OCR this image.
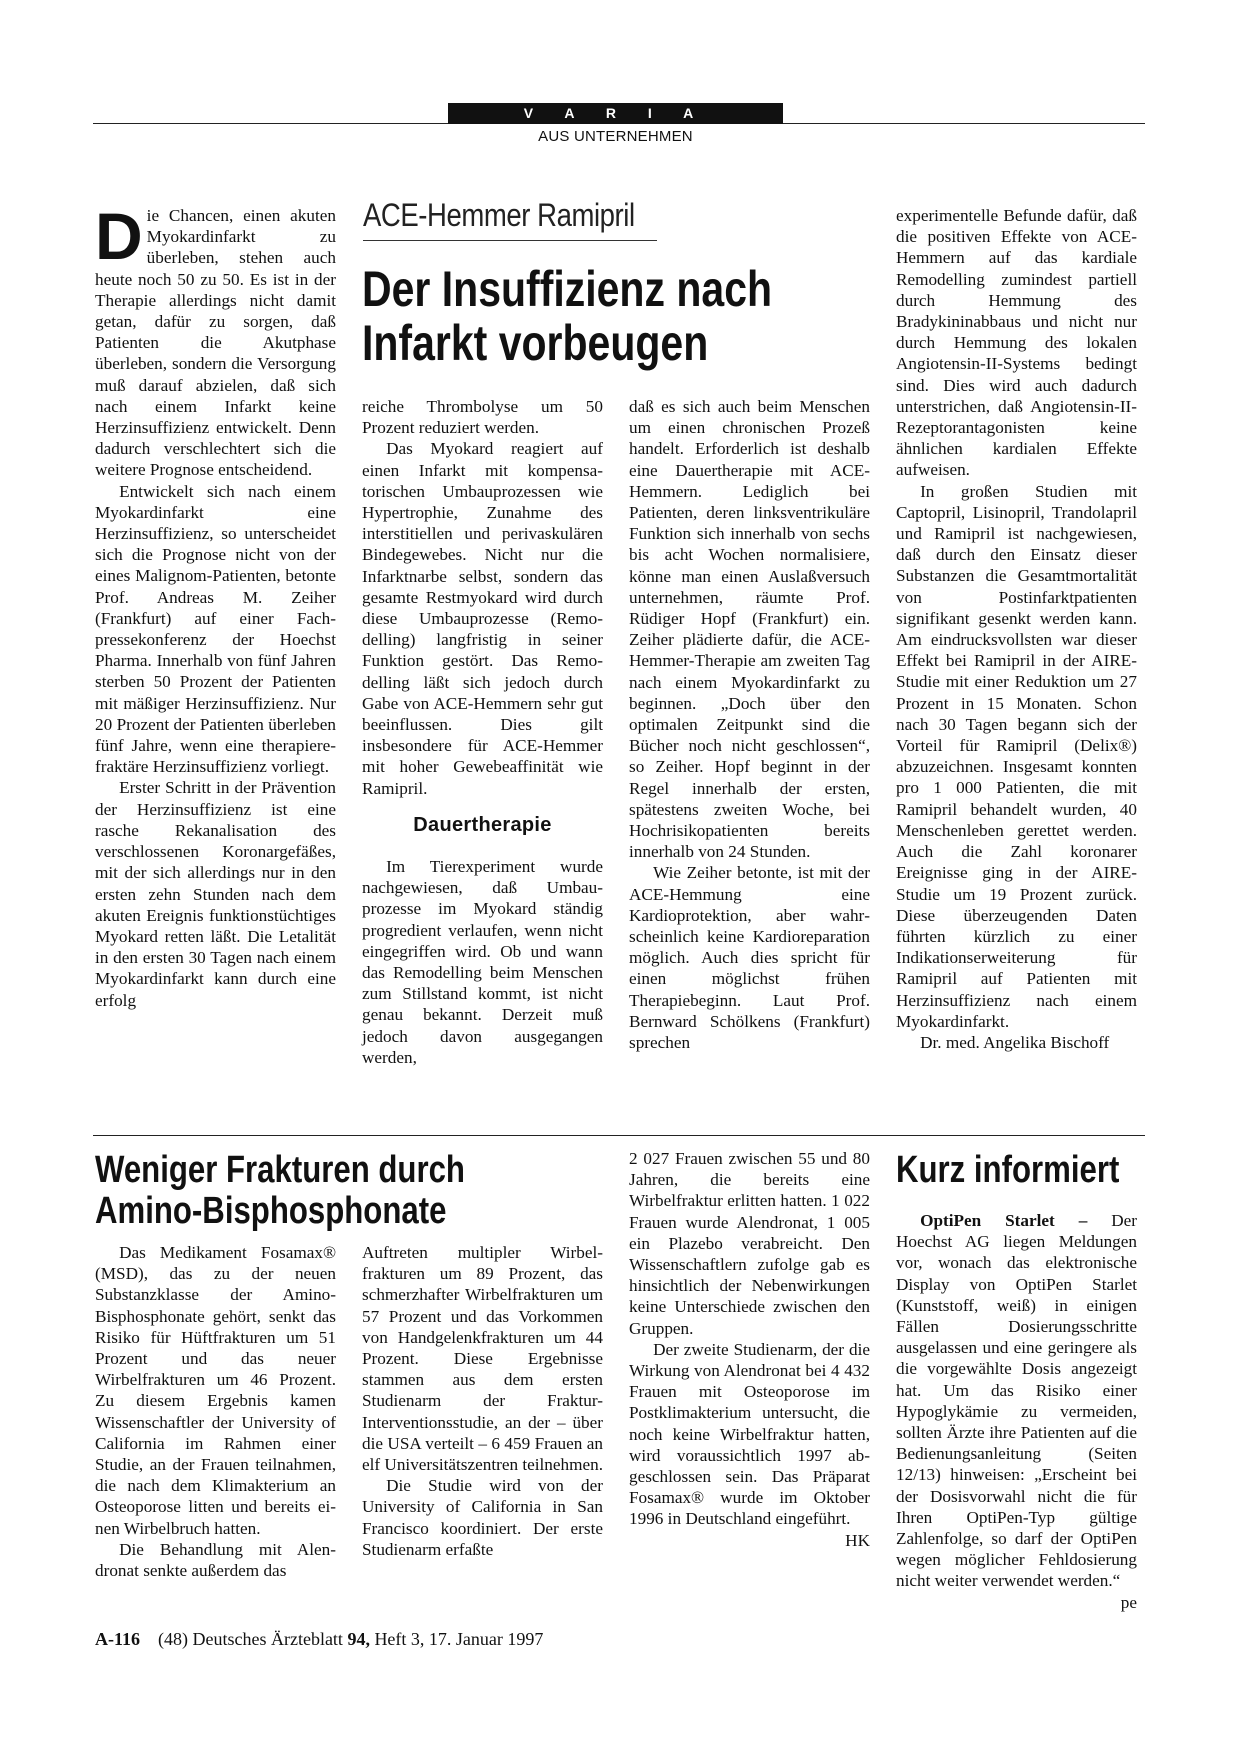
V A R I A
AUS UNTERNEHMEN
ACE-Hemmer Ramipril
Der Insuffizienz nach
Infarkt vorbeugen

Die Chancen, einen akuten Myokardinfarkt zu überleben, stehen auch heute noch 50 zu 50. Es ist in der Therapie allerdings nicht damit getan, dafür zu sorgen, daß Patienten die Akutphase überleben, sondern die Versorgung muß darauf abzielen, daß sich nach einem Infarkt keine Herzinsuffizienz entwickelt. Denn dadurch verschlechtert sich die weitere Prognose entscheidend.

Entwickelt sich nach einem Myokardinfarkt eine Herzinsuffizienz, so unterscheidet sich die Prognose nicht von der eines Malignom-Patienten, betonte Prof. Andreas M. Zeiher (Frankfurt) auf einer Fachpressekonferenz der Hoechst Pharma. Innerhalb von fünf Jahren sterben 50 Prozent der Patienten mit mäßiger Herzinsuffizienz. Nur 20 Prozent der Patienten überleben fünf Jahre, wenn eine therapierefraktäre Herzinsuffizienz vorliegt.

Erster Schritt in der Prävention der Herzinsuffizienz ist eine rasche Rekanalisation des verschlossenen Koronargefäßes, mit der sich allerdings nur in den ersten zehn Stunden nach dem akuten Ereignis funktionstüchtiges Myokard retten läßt. Die Letalität in den ersten 30 Tagen nach einem Myokardinfarkt kann durch eine erfolg

reiche Thrombolyse um 50 Prozent reduziert werden.

Das Myokard reagiert auf einen Infarkt mit kompensatorischen Umbauprozessen wie Hypertrophie, Zunahme des interstitiellen und perivaskulären Bindegewebes. Nicht nur die Infarktnarbe selbst, sondern das gesamte Restmyokard wird durch diese Umbauprozesse (Remodelling) langfristig in seiner Funktion gestört. Das Remodelling läßt sich jedoch durch Gabe von ACE-Hemmern sehr gut beeinflussen. Dies gilt insbesondere für ACE-Hemmer mit hoher Gewebeaffinität wie Ramipril.

Dauertherapie

Im Tierexperiment wurde nachgewiesen, daß Umbauprozesse im Myokard ständig progredient verlaufen, wenn nicht eingegriffen wird. Ob und wann das Remodelling beim Menschen zum Stillstand kommt, ist nicht genau bekannt. Derzeit muß jedoch davon ausgegangen werden,

daß es sich auch beim Menschen um einen chronischen Prozeß handelt. Erforderlich ist deshalb eine Dauertherapie mit ACE-Hemmern. Lediglich bei Patienten, deren linksventrikuläre Funktion sich innerhalb von sechs bis acht Wochen normalisiere, könne man einen Auslaßversuch unternehmen, räumte Prof. Rüdiger Hopf (Frankfurt) ein. Zeiher plädierte dafür, die ACE-Hemmer-Therapie am zweiten Tag nach einem Myokardinfarkt zu beginnen. „Doch über den optimalen Zeitpunkt sind die Bücher noch nicht geschlossen“, so Zeiher. Hopf beginnt in der Regel innerhalb der ersten, spätestens zweiten Woche, bei Hochrisikopatienten bereits innerhalb von 24 Stunden.

Wie Zeiher betonte, ist mit der ACE-Hemmung eine Kardioprotektion, aber wahrscheinlich keine Kardioreparation möglich. Auch dies spricht für einen möglichst frühen Therapiebeginn. Laut Prof. Bernward Schölkens (Frankfurt) sprechen

experimentelle Befunde dafür, daß die positiven Effekte von ACE-Hemmern auf das kardiale Remodelling zumindest partiell durch Hemmung des Bradykininabbaus und nicht nur durch Hemmung des lokalen Angiotensin-II-Systems bedingt sind. Dies wird auch dadurch unterstrichen, daß Angiotensin-II-Rezeptorantagonisten keine ähnlichen kardialen Effekte aufweisen.

In großen Studien mit Captopril, Lisinopril, Trandolapril und Ramipril ist nachgewiesen, daß durch den Einsatz dieser Substanzen die Gesamtmortalität von Postinfarktpatienten signifikant gesenkt werden kann. Am eindrucksvollsten war dieser Effekt bei Ramipril in der AIRE-Studie mit einer Reduktion um 27 Prozent in 15 Monaten. Schon nach 30 Tagen begann sich der Vorteil für Ramipril (Delix®) abzuzeichnen. Insgesamt konnten pro 1 000 Patienten, die mit Ramipril behandelt wurden, 40 Menschenleben gerettet werden. Auch die Zahl koronarer Ereignisse ging in der AIRE-Studie um 19 Prozent zurück. Diese überzeugenden Daten führten kürzlich zu einer Indikationserweiterung für Ramipril auf Patienten mit Herzinsuffizienz nach einem Myokardinfarkt.

Dr. med. Angelika Bischoff

Weniger Frakturen durch
Amino-Bisphosphonate

Das Medikament Fosamax® (MSD), das zu der neuen Substanzklasse der Amino-Bisphosphonate gehört, senkt das Risiko für Hüftfrakturen um 51 Prozent und das neuer Wirbelfrakturen um 46 Prozent. Zu diesem Ergebnis kamen Wissenschaftler der University of California im Rahmen einer Studie, an der Frauen teilnahmen, die nach dem Klimakterium an Osteoporose litten und bereits einen Wirbelbruch hatten.

Die Behandlung mit Alendronat senkte außerdem das

Auftreten multipler Wirbelfrakturen um 89 Prozent, das schmerzhafter Wirbelfrakturen um 57 Prozent und das Vorkommen von Handgelenkfrakturen um 44 Prozent. Diese Ergebnisse stammen aus dem ersten Studienarm der Fraktur-Interventionsstudie, an der – über die USA verteilt – 6 459 Frauen an elf Universitätszentren teilnehmen.

Die Studie wird von der University of California in San Francisco koordiniert. Der erste Studienarm erfaßte

2 027 Frauen zwischen 55 und 80 Jahren, die bereits eine Wirbelfraktur erlitten hatten. 1 022 Frauen wurde Alendronat, 1 005 ein Plazebo verabreicht. Den Wissenschaftlern zufolge gab es hinsichtlich der Nebenwirkungen keine Unterschiede zwischen den Gruppen.

Der zweite Studienarm, der die Wirkung von Alendronat bei 4 432 Frauen mit Osteoporose im Postklimakterium untersucht, die noch keine Wirbelfraktur hatten, wird voraussichtlich 1997 abgeschlossen sein. Das Präparat Fosamax® wurde im Oktober 1996 in Deutschland eingeführt.
HK

Kurz informiert

OptiPen Starlet – Der Hoechst AG liegen Meldungen vor, wonach das elektronische Display von OptiPen Starlet (Kunststoff, weiß) in einigen Fällen Dosierungsschritte ausgelassen und eine geringere als die vorgewählte Dosis angezeigt hat. Um das Risiko einer Hypoglykämie zu vermeiden, sollten Ärzte ihre Patienten auf die Bedienungsanleitung (Seiten 12/13) hinweisen: „Erscheint bei der Dosisvorwahl nicht die für Ihren OptiPen-Typ gültige Zahlenfolge, so darf der OptiPen wegen möglicher Fehldosierung nicht weiter verwendet werden.“
pe

A-116 (48) Deutsches Ärzteblatt 94, Heft 3, 17. Januar 1997
